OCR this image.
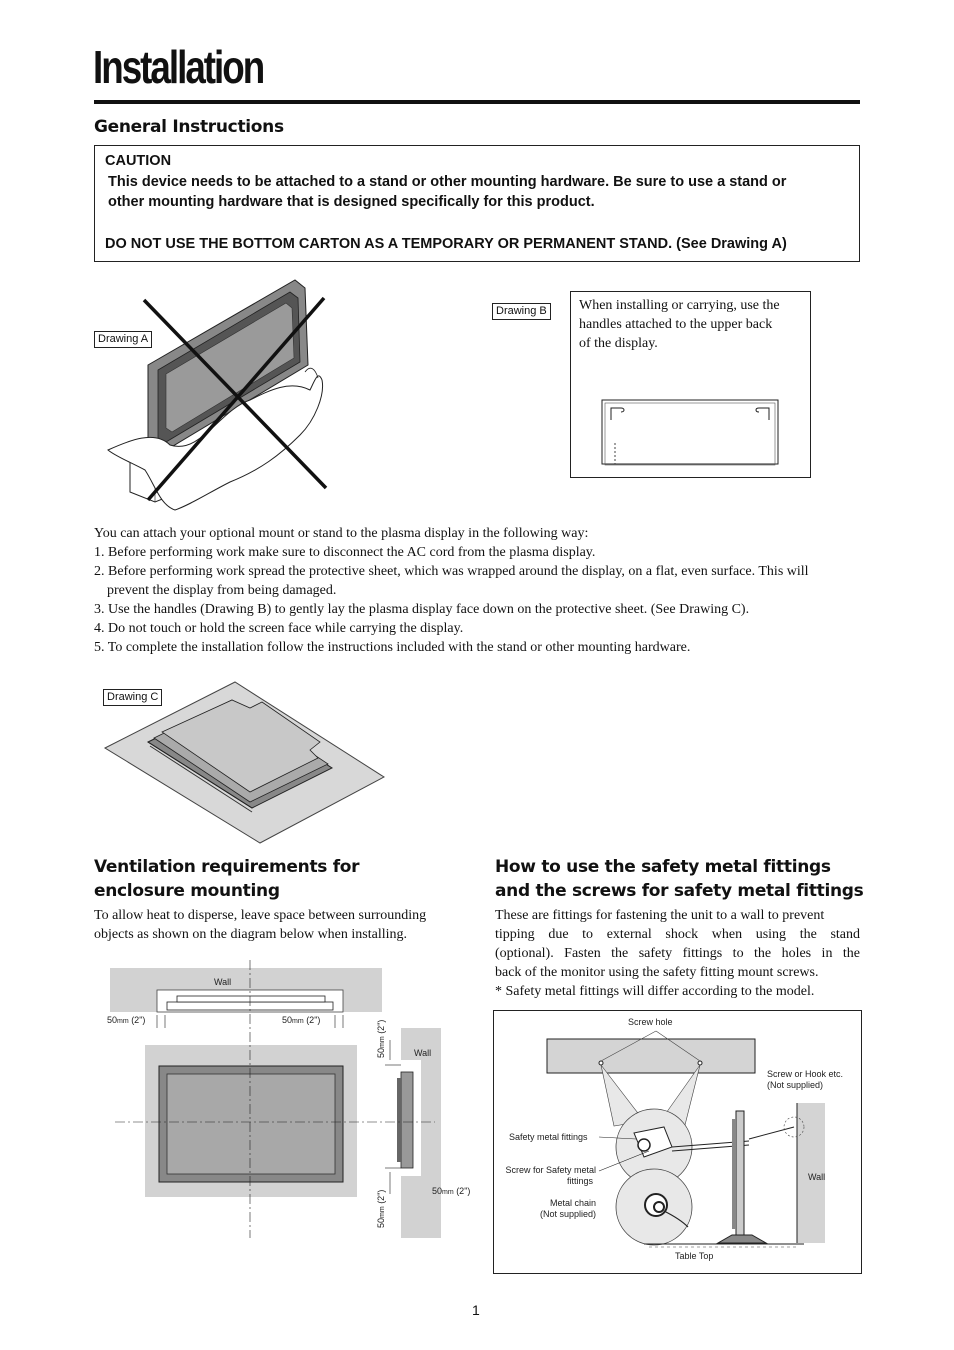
Installation
General Instructions
CAUTION
This device needs to be attached to a stand or other mounting hardware. Be sure to use a stand or
other mounting hardware that is designed specifically for this product.
DO NOT USE THE BOTTOM CARTON AS A TEMPORARY OR PERMANENT STAND. (See Drawing A)
Drawing A
Drawing B When installing or carrying, use the
handles attached to the upper back
of the display.
You can attach your optional mount or stand to the plasma display in the following way:
1. Before performing work make sure to disconnect the AC cord from the plasma display.
2. Before performing work spread the protective sheet, which was wrapped around the display, on a flat, even surface. This will
prevent the display from being damaged.
3. Use the handles (Drawing B) to gently lay the plasma display face down on the protective sheet. (See Drawing C).
4. Do not touch or hold the screen face while carrying the display.
5. To complete the installation follow the instructions included with the stand or other mounting hardware.
Drawing C
Ventilation requirements for
enclosure mounting
To allow heat to disperse, leave space between surrounding
objects as shown on the diagram below when installing.
Wall
Wall
50mm (2")	50mm (2")
50mm (2")
50mm (2")
50mm (2")
How to use the safety metal fittings
and the screws for safety metal fittings
These are fittings for fastening the unit to a wall to prevent
tipping due to external shock when using the stand
(optional). Fasten the safety fittings to the holes in the
back of the monitor using the safety fitting mount screws.
* Safety metal fittings will differ according to the model.
Screw hole
Screw or Hook etc.
(Not supplied)
Safety metal fittings
Screw for Safety metal
fittings
Metal chain
(Not supplied)
Wall
Table Top
1
